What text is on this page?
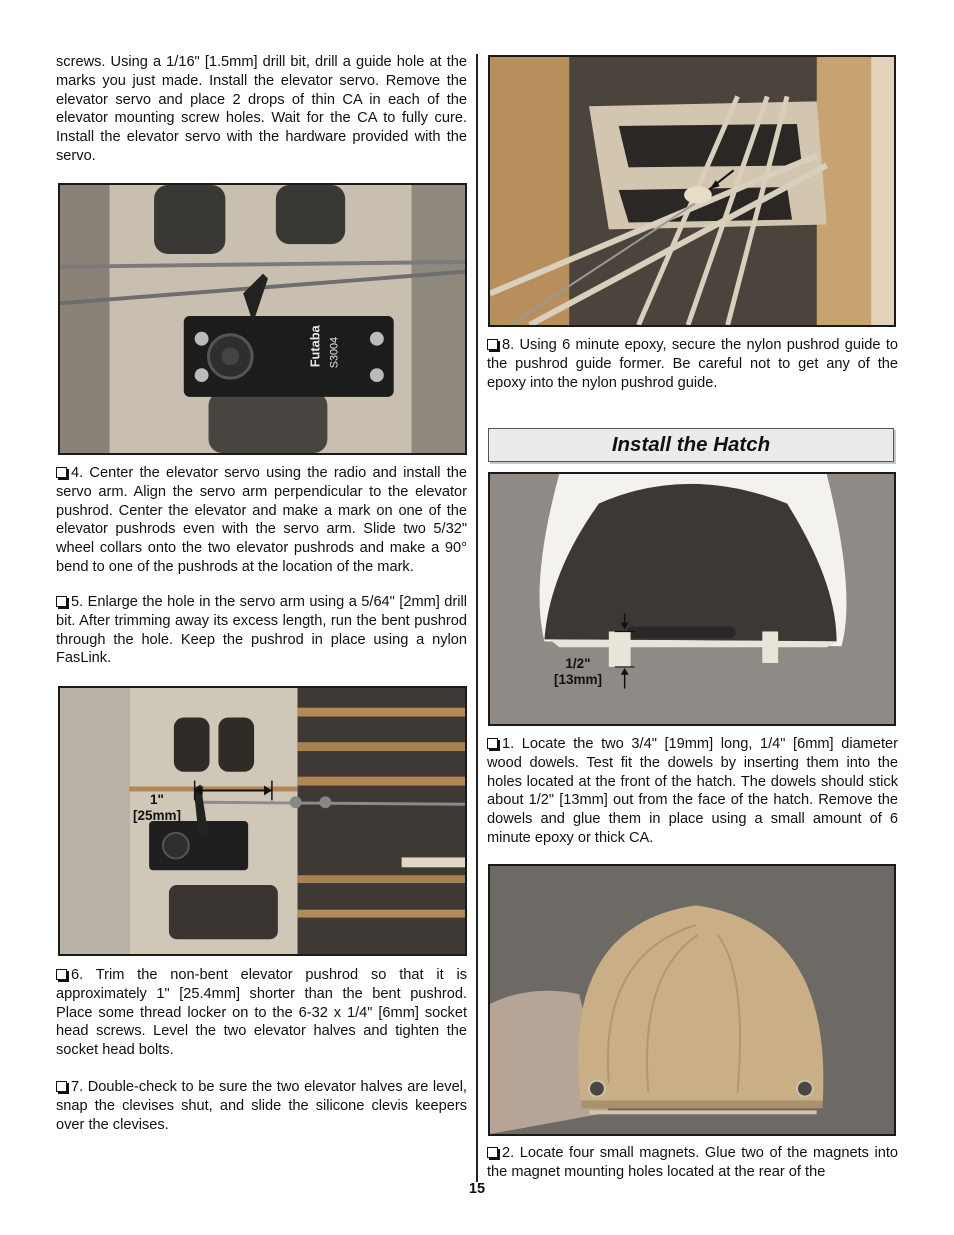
screws. Using a 1/16" [1.5mm] drill bit, drill a guide hole at the marks you just made. Install the elevator servo. Remove the elevator servo and place 2 drops of thin CA in each of the elevator mounting screw holes. Wait for the CA to fully cure. Install the elevator servo with the hardware provided with the servo.

Futaba S3004

4. Center the elevator servo using the radio and install the servo arm. Align the servo arm perpendicular to the elevator pushrod. Center the elevator and make a mark on one of the elevator pushrods even with the servo arm. Slide two 5/32" wheel collars onto the two elevator pushrods and make a 90° bend to one of the pushrods at the location of the mark.

5. Enlarge the hole in the servo arm using a 5/64" [2mm] drill bit. After trimming away its excess length, run the bent pushrod through the hole. Keep the pushrod in place using a nylon FasLink.

1"
[25mm]

6. Trim the non-bent elevator pushrod so that it is approximately 1" [25.4mm] shorter than the bent pushrod. Place some thread locker on to the 6-32 x 1/4" [6mm] socket head screws. Level the two elevator halves and tighten the socket head bolts.

7. Double-check to be sure the two elevator halves are level, snap the clevises shut, and slide the silicone clevis keepers over the clevises.

8. Using 6 minute epoxy, secure the nylon pushrod guide to the pushrod guide former. Be careful not to get any of the epoxy into the nylon pushrod guide.

Install the Hatch
1/2"
[13mm]

1. Locate the two 3/4" [19mm] long, 1/4" [6mm] diameter wood dowels. Test fit the dowels by inserting them into the holes located at the front of the hatch. The dowels should stick about 1/2" [13mm] out from the face of the hatch. Remove the dowels and glue them in place using a small amount of 6 minute epoxy or thick CA.

2. Locate four small magnets. Glue two of the magnets into the magnet mounting holes located at the rear of the

15
